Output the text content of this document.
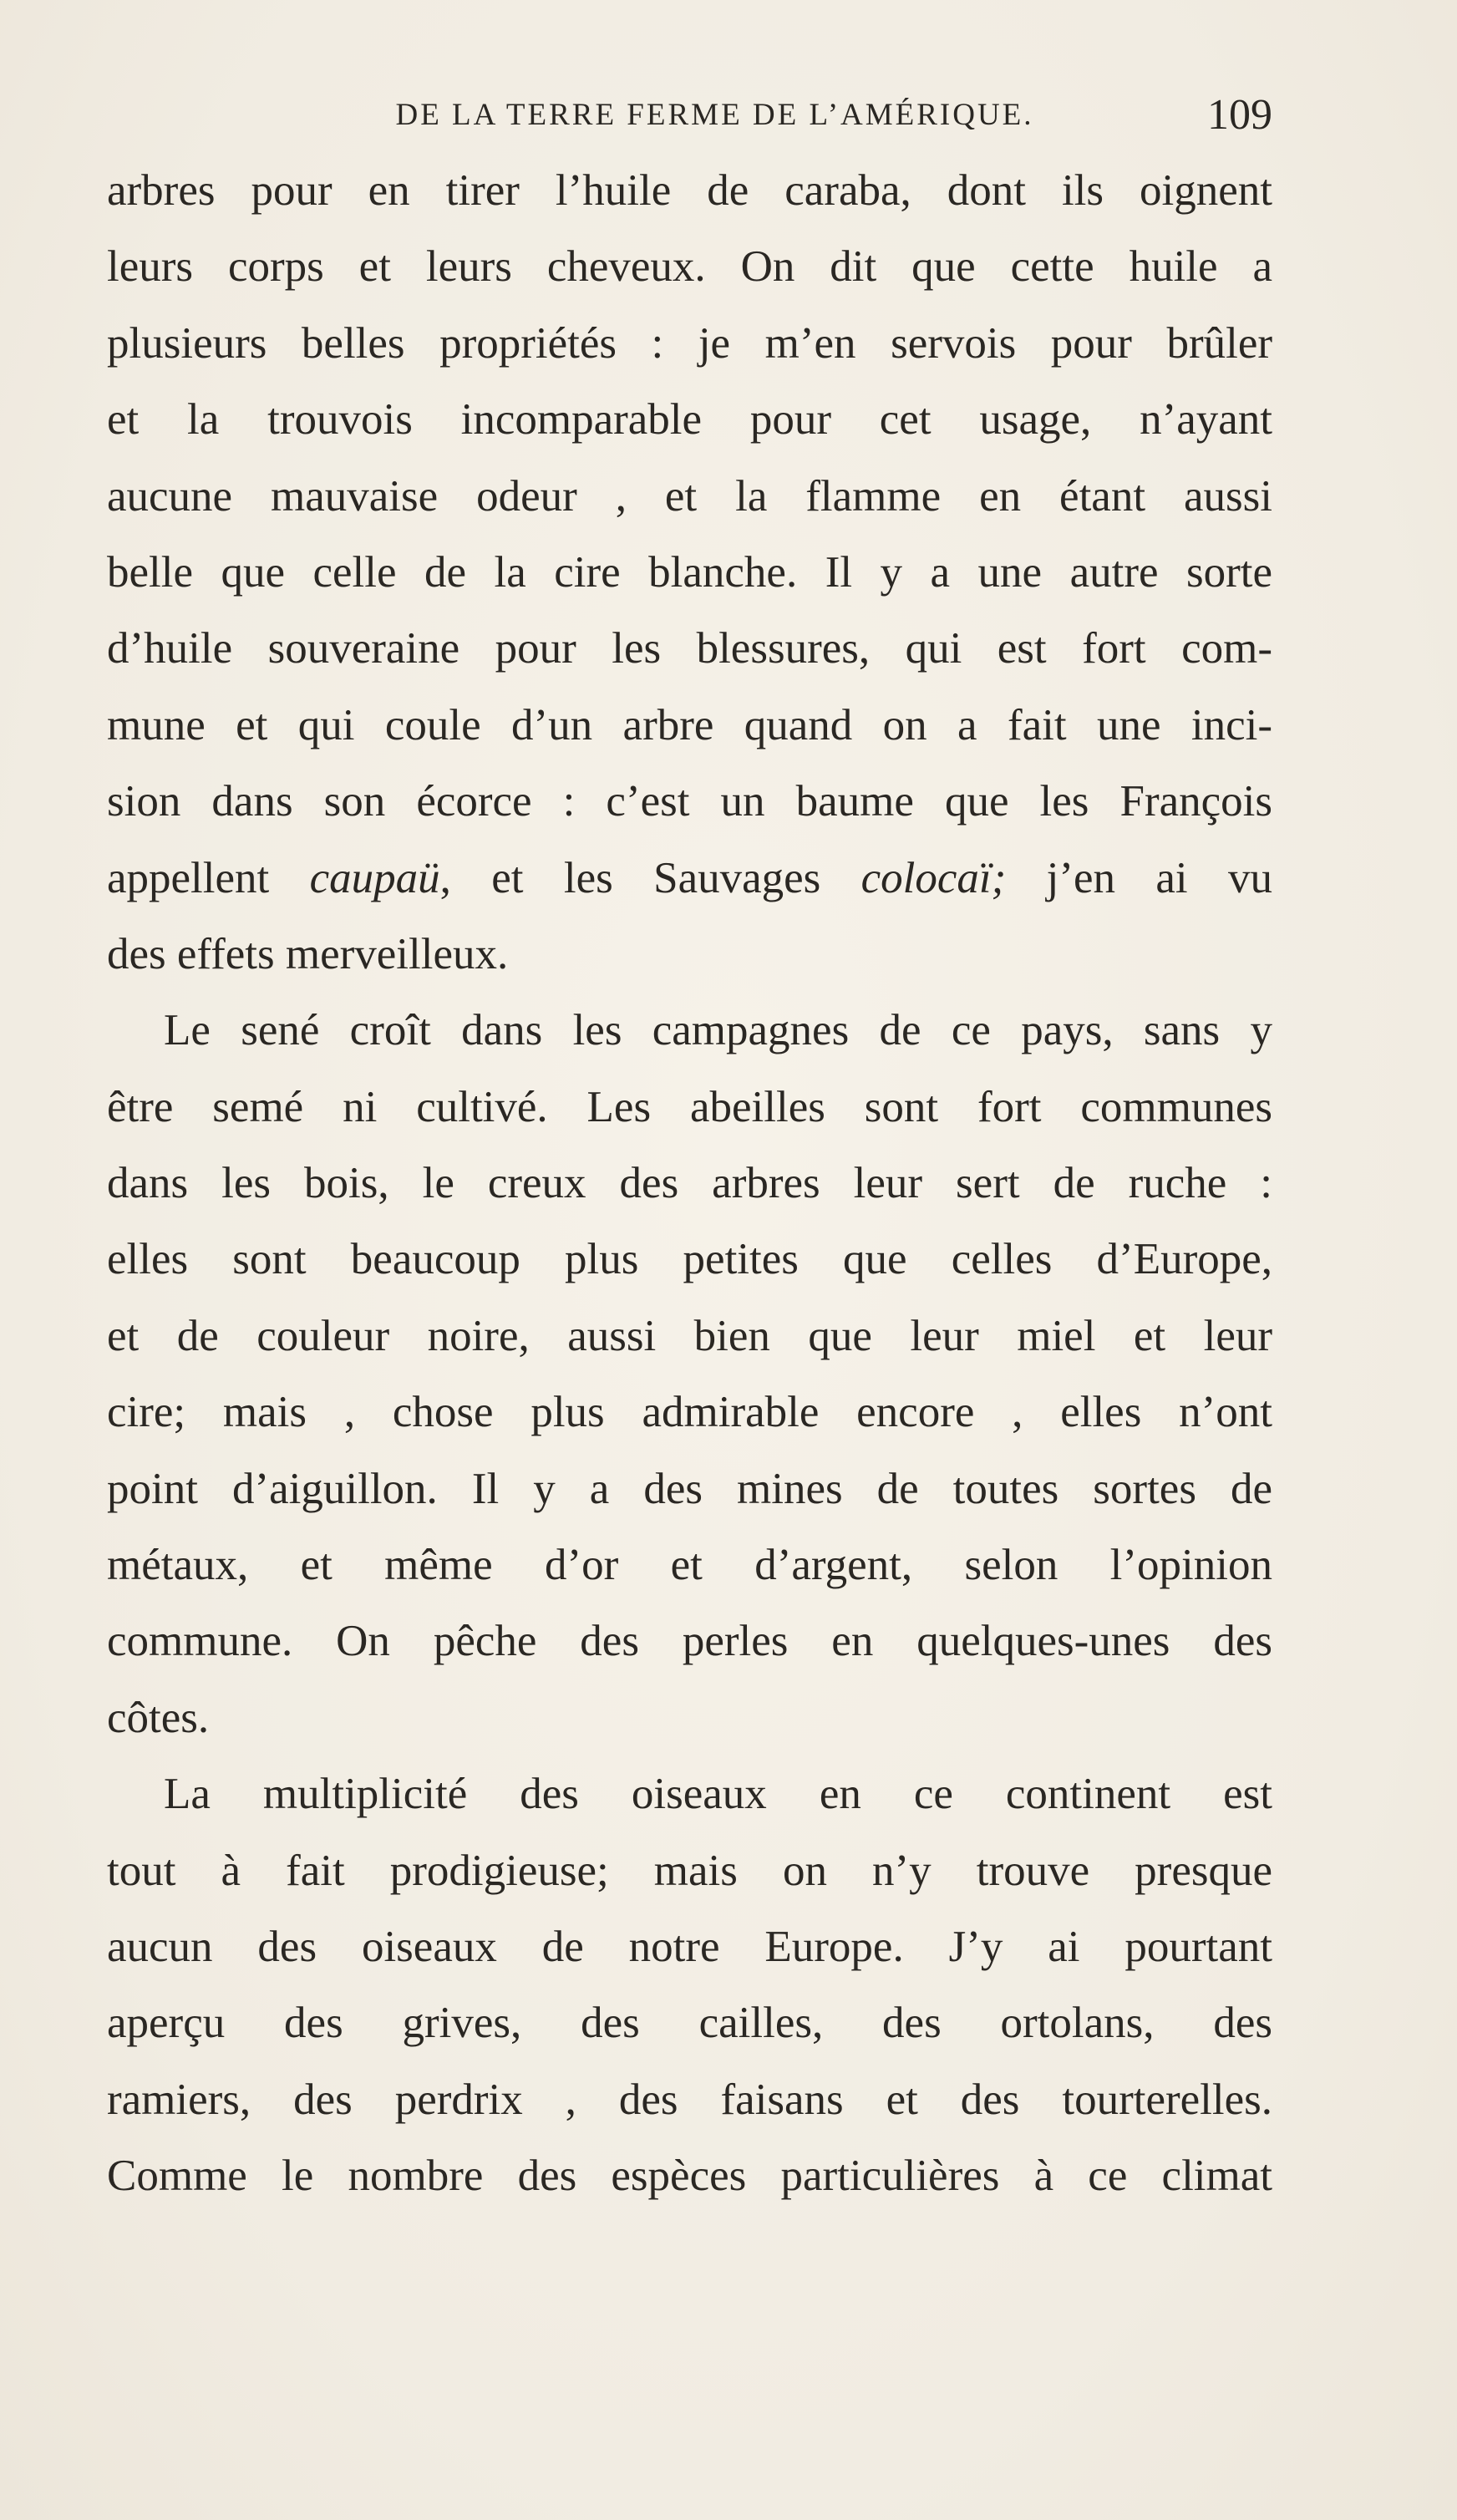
DE LA TERRE FERME DE L’AMÉRIQUE.	109
arbres pour en tirer l’huile de caraba, dont ils oignent
leurs corps et leurs cheveux. On dit que cette huile a
plusieurs belles propriétés : je m’en servois pour brûler
et la trouvois incomparable pour cet usage, n’ayant
aucune mauvaise odeur , et la flamme en étant aussi
belle que celle de la cire blanche. Il y a une autre sorte
d’huile souveraine pour les blessures, qui est fort com-
mune et qui coule d’un arbre quand on a fait une inci-
sion dans son écorce : c’est un baume que les François
appellent caupaü, et les Sauvages colocaï; j’en ai vu
des effets merveilleux.
Le sené croît dans les campagnes de ce pays, sans y
être semé ni cultivé. Les abeilles sont fort communes
dans les bois, le creux des arbres leur sert de ruche :
elles sont beaucoup plus petites que celles d’Europe,
et de couleur noire, aussi bien que leur miel et leur
cire; mais , chose plus admirable encore , elles n’ont
point d’aiguillon. Il y a des mines de toutes sortes de
métaux, et même d’or et d’argent, selon l’opinion
commune. On pêche des perles en quelques-unes des
côtes.
La multiplicité des oiseaux en ce continent est
tout à fait prodigieuse; mais on n’y trouve presque
aucun des oiseaux de notre Europe. J’y ai pourtant
aperçu des grives, des cailles, des ortolans, des
ramiers, des perdrix , des faisans et des tourterelles.
Comme le nombre des espèces particulières à ce climat
